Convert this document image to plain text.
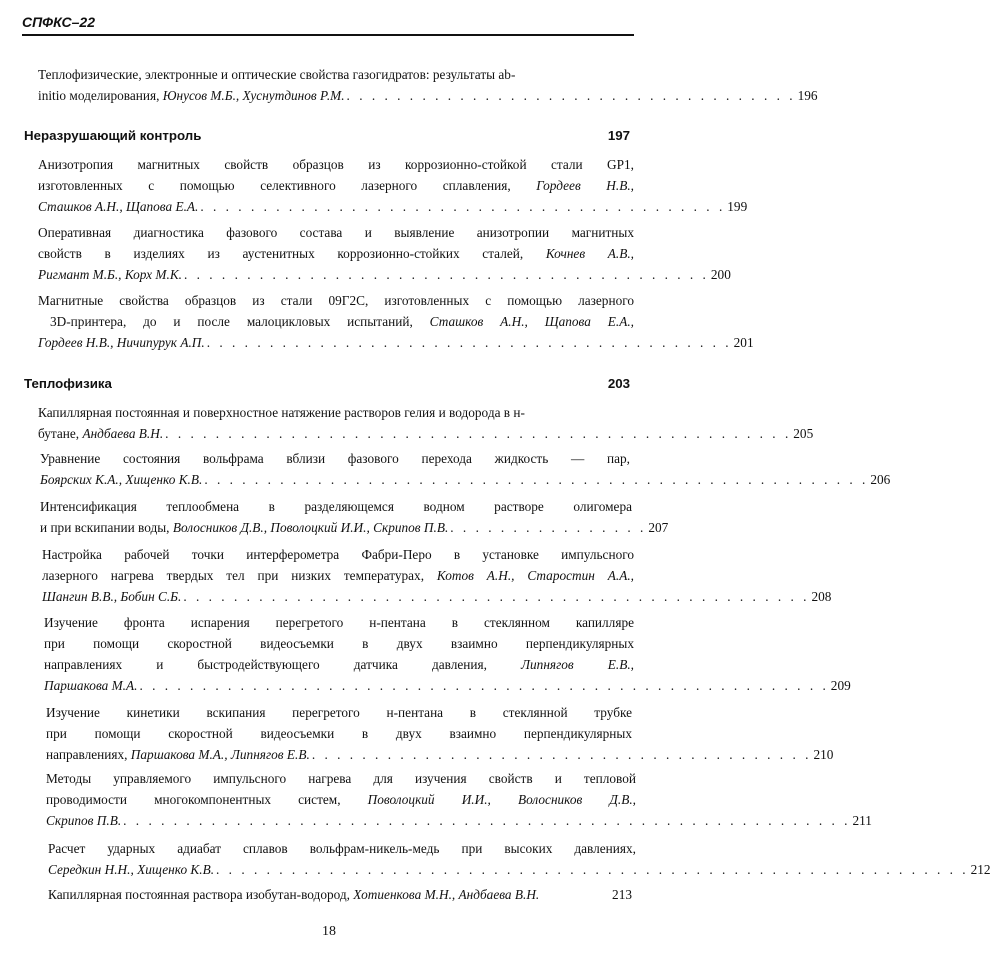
СПФКС–22
Теплофизические, электронные и оптические свойства газогидратов: результаты ab-
initio моделирования, Юнусов М.Б., Хуснутдинов Р.М. . . . . . . . . . . . . . . . . . . . . . . . . . . . . . . . . . . . . 196
Неразрушающий контроль	197
Анизотропия магнитных свойств образцов из коррозионно-стойкой стали GP1,
изготовленных с помощью селективного лазерного сплавления, Гордеев Н.В.,
Сташков А.Н., Щапова Е.А. . . . . . . . . . . . . . . . . . . . . . . . . . . . . . . . . . . . . . . . . . . 199
Оперативная диагностика фазового состава и выявление анизотропии магнитных
свойств в изделиях из аустенитных коррозионно-стойких сталей, Кочнев А.В.,
Ригмант М.Б., Корх М.К. . . . . . . . . . . . . . . . . . . . . . . . . . . . . . . . . . . . . . . . . . . 200
Магнитные свойства образцов из стали 09Г2С, изготовленных с помощью лазерного
3D-принтера, до и после малоцикловых испытаний, Сташков А.Н., Щапова Е.А.,
Гордеев Н.В., Ничипурук А.П. . . . . . . . . . . . . . . . . . . . . . . . . . . . . . . . . . . . . . . . . . . 201
Теплофизика	203
Капиллярная постоянная и поверхностное натяжение растворов гелия и водорода в н-
бутане, Андбаева В.Н. . . . . . . . . . . . . . . . . . . . . . . . . . . . . . . . . . . . . . . . . . . . . . . . . . . 205
Уравнение состояния вольфрама вблизи фазового перехода жидкость — пар,
Боярских К.А., Хищенко К.В. . . . . . . . . . . . . . . . . . . . . . . . . . . . . . . . . . . . . . . . . . . . . . . . . . . . . . 206
Интенсификация теплообмена в разделяющемся водном растворе олигомера
и при вскипании воды, Волосников Д.В., Поволоцкий И.И., Скрипов П.В. . . . . . . . . . . . . . . . . 207
Настройка рабочей точки интерферометра Фабри-Перо в установке импульсного
лазерного нагрева твердых тел при низких температурах, Котов А.Н., Старостин А.А.,
Шангин В.В., Бобин С.Б. . . . . . . . . . . . . . . . . . . . . . . . . . . . . . . . . . . . . . . . . . . . . . . . . . . 208
Изучение фронта испарения перегретого н-пентана в стеклянном капилляре
при помощи скоростной видеосъемки в двух взаимно перпендикулярных
направлениях и быстродействующего датчика давления, Липнягов Е.В.,
Паршакова М.А. . . . . . . . . . . . . . . . . . . . . . . . . . . . . . . . . . . . . . . . . . . . . . . . . . . . . . . . 209
Изучение кинетики вскипания перегретого н-пентана в стеклянной трубке
при помощи скоростной видеосъемки в двух взаимно перпендикулярных
направлениях, Паршакова М.А., Липнягов Е.В. . . . . . . . . . . . . . . . . . . . . . . . . . . . . . . . . . . . . . . . . 210
Методы управляемого импульсного нагрева для изучения свойств и тепловой
проводимости многокомпонентных систем, Поволоцкий И.И., Волосников Д.В.,
Скрипов П.В. . . . . . . . . . . . . . . . . . . . . . . . . . . . . . . . . . . . . . . . . . . . . . . . . . . . . . . . . . . 211
Расчет ударных адиабат сплавов вольфрам-никель-медь при высоких давлениях,
Середкин Н.Н., Хищенко К.В. . . . . . . . . . . . . . . . . . . . . . . . . . . . . . . . . . . . . . . . . . . . . . . . . . . . . . . . . . . . . 212
Капиллярная постоянная раствора изобутан-водород, Хотиенкова М.Н., Андбаева В.Н.	213
18
